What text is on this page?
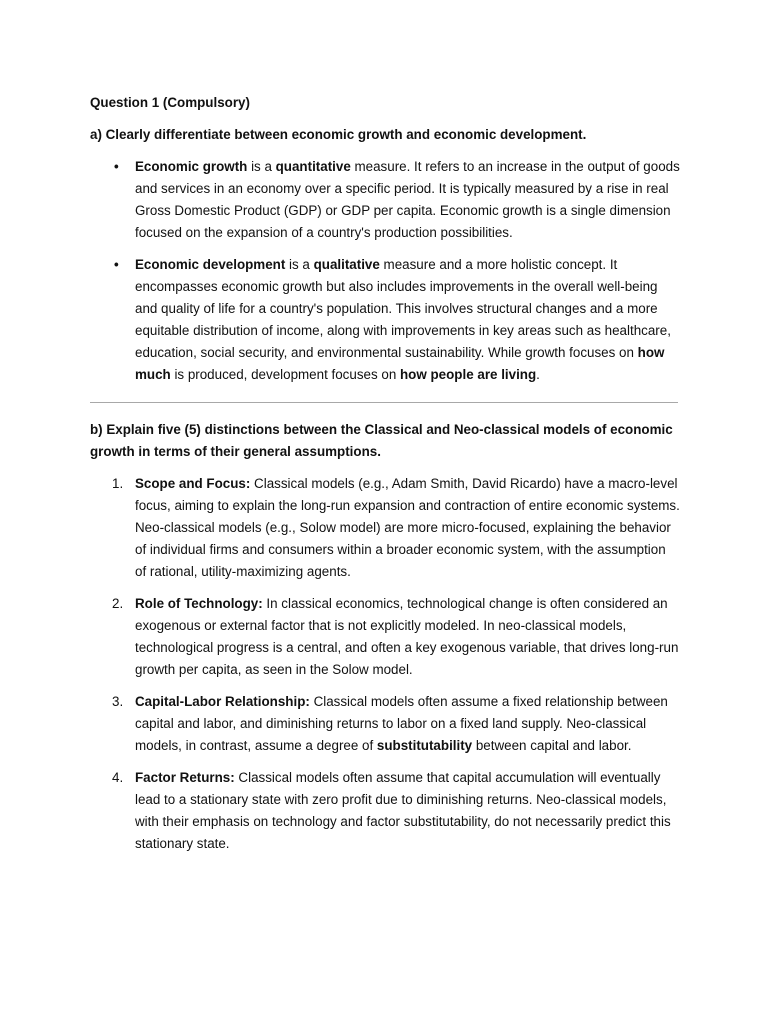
Question 1 (Compulsory)

a) Clearly differentiate between economic growth and economic development.

• Economic growth is a quantitative measure. It refers to an increase in the output of goods and services in an economy over a specific period. It is typically measured by a rise in real Gross Domestic Product (GDP) or GDP per capita. Economic growth is a single dimension focused on the expansion of a country's production possibilities.
• Economic development is a qualitative measure and a more holistic concept. It encompasses economic growth but also includes improvements in the overall well-being and quality of life for a country's population. This involves structural changes and a more equitable distribution of income, along with improvements in key areas such as healthcare, education, social security, and environmental sustainability. While growth focuses on how much is produced, development focuses on how people are living.

b) Explain five (5) distinctions between the Classical and Neo-classical models of economic growth in terms of their general assumptions.

1. Scope and Focus: Classical models (e.g., Adam Smith, David Ricardo) have a macro-level focus, aiming to explain the long-run expansion and contraction of entire economic systems. Neo-classical models (e.g., Solow model) are more micro-focused, explaining the behavior of individual firms and consumers within a broader economic system, with the assumption of rational, utility-maximizing agents.
2. Role of Technology: In classical economics, technological change is often considered an exogenous or external factor that is not explicitly modeled. In neo-classical models, technological progress is a central, and often a key exogenous variable, that drives long-run growth per capita, as seen in the Solow model.
3. Capital-Labor Relationship: Classical models often assume a fixed relationship between capital and labor, and diminishing returns to labor on a fixed land supply. Neo-classical models, in contrast, assume a degree of substitutability between capital and labor.
4. Factor Returns: Classical models often assume that capital accumulation will eventually lead to a stationary state with zero profit due to diminishing returns. Neo-classical models, with their emphasis on technology and factor substitutability, do not necessarily predict this stationary state.
